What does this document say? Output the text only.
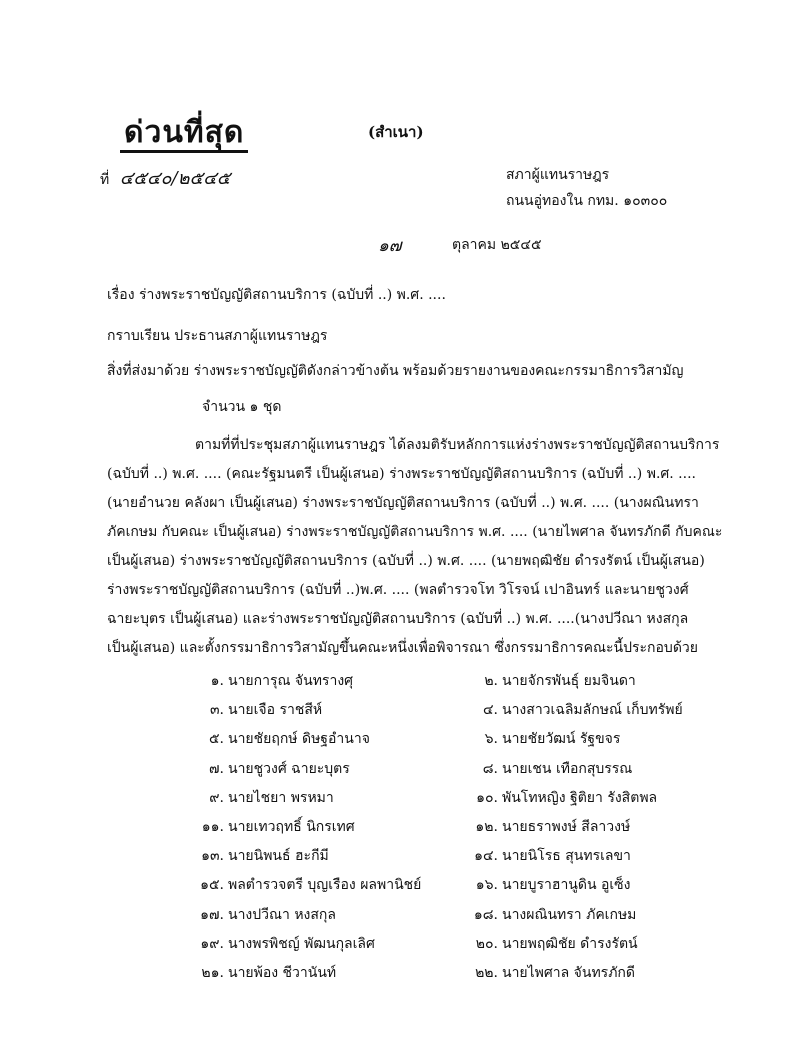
ด่วนที่สุด	(สำเนา)
ที่ ๔๕๔๐/๒๕๔๕	สภาผู้แทนราษฎร
ถนนอู่ทองใน กทม. ๑๐๓๐๐
๑๗	ตุลาคม ๒๕๔๕
เรื่อง ร่างพระราชบัญญัติสถานบริการ (ฉบับที่ ..) พ.ศ. ....
กราบเรียน ประธานสภาผู้แทนราษฎร
สิ่งที่ส่งมาด้วย ร่างพระราชบัญญัติดังกล่าวข้างต้น พร้อมด้วยรายงานของคณะกรรมาธิการวิสามัญ
จำนวน ๑ ชุด
ตามที่ที่ประชุมสภาผู้แทนราษฎร ได้ลงมติรับหลักการแห่งร่างพระราชบัญญัติสถานบริการ
(ฉบับที่ ..) พ.ศ. .... (คณะรัฐมนตรี เป็นผู้เสนอ) ร่างพระราชบัญญัติสถานบริการ (ฉบับที่ ..) พ.ศ. ....
(นายอำนวย คลังผา เป็นผู้เสนอ) ร่างพระราชบัญญัติสถานบริการ (ฉบับที่ ..) พ.ศ. .... (นางผณินทรา
ภัคเกษม กับคณะ เป็นผู้เสนอ) ร่างพระราชบัญญัติสถานบริการ พ.ศ. .... (นายไพศาล จันทรภักดี กับคณะ
เป็นผู้เสนอ) ร่างพระราชบัญญัติสถานบริการ (ฉบับที่ ..) พ.ศ. .... (นายพฤฒิชัย ดำรงรัตน์ เป็นผู้เสนอ)
ร่างพระราชบัญญัติสถานบริการ (ฉบับที่ ..)พ.ศ. .... (พลตำรวจโท วิโรจน์ เปาอินทร์ และนายชูวงศ์
ฉายะบุตร เป็นผู้เสนอ) และร่างพระราชบัญญัติสถานบริการ (ฉบับที่ ..) พ.ศ. ....(นางปวีณา หงสกุล
เป็นผู้เสนอ) และตั้งกรรมาธิการวิสามัญขึ้นคณะหนึ่งเพื่อพิจารณา ซึ่งกรรมาธิการคณะนี้ประกอบด้วย
๑. นายการุณ จันทรางศุ	๒. นายจักรพันธุ์ ยมจินดา
๓. นายเจือ ราชสีห์	๔. นางสาวเฉลิมลักษณ์ เก็บทรัพย์
๕. นายชัยฤกษ์ ดิษฐอำนาจ	๖. นายชัยวัฒน์ รัฐขจร
๗. นายชูวงศ์ ฉายะบุตร	๘. นายเชน เทือกสุบรรณ
๙. นายไชยา พรหมา	๑๐. พันโทหญิง ฐิติยา รังสิตพล
๑๑. นายเทวฤทธิ์ นิกรเทศ	๑๒. นายธราพงษ์ สีลาวงษ์
๑๓. นายนิพนธ์ ฮะกีมี	๑๔. นายนิโรธ สุนทรเลขา
๑๕. พลตำรวจตรี บุญเรือง ผลพานิชย์	๑๖. นายบูราฮานูดิน อูเซ็ง
๑๗. นางปวีณา หงสกุล	๑๘. นางผณินทรา ภัคเกษม
๑๙. นางพรพิชญ์ พัฒนกุลเลิศ	๒๐. นายพฤฒิชัย ดำรงรัตน์
๒๑. นายพ้อง ชีวานันท์	๒๒. นายไพศาล จันทรภักดี
